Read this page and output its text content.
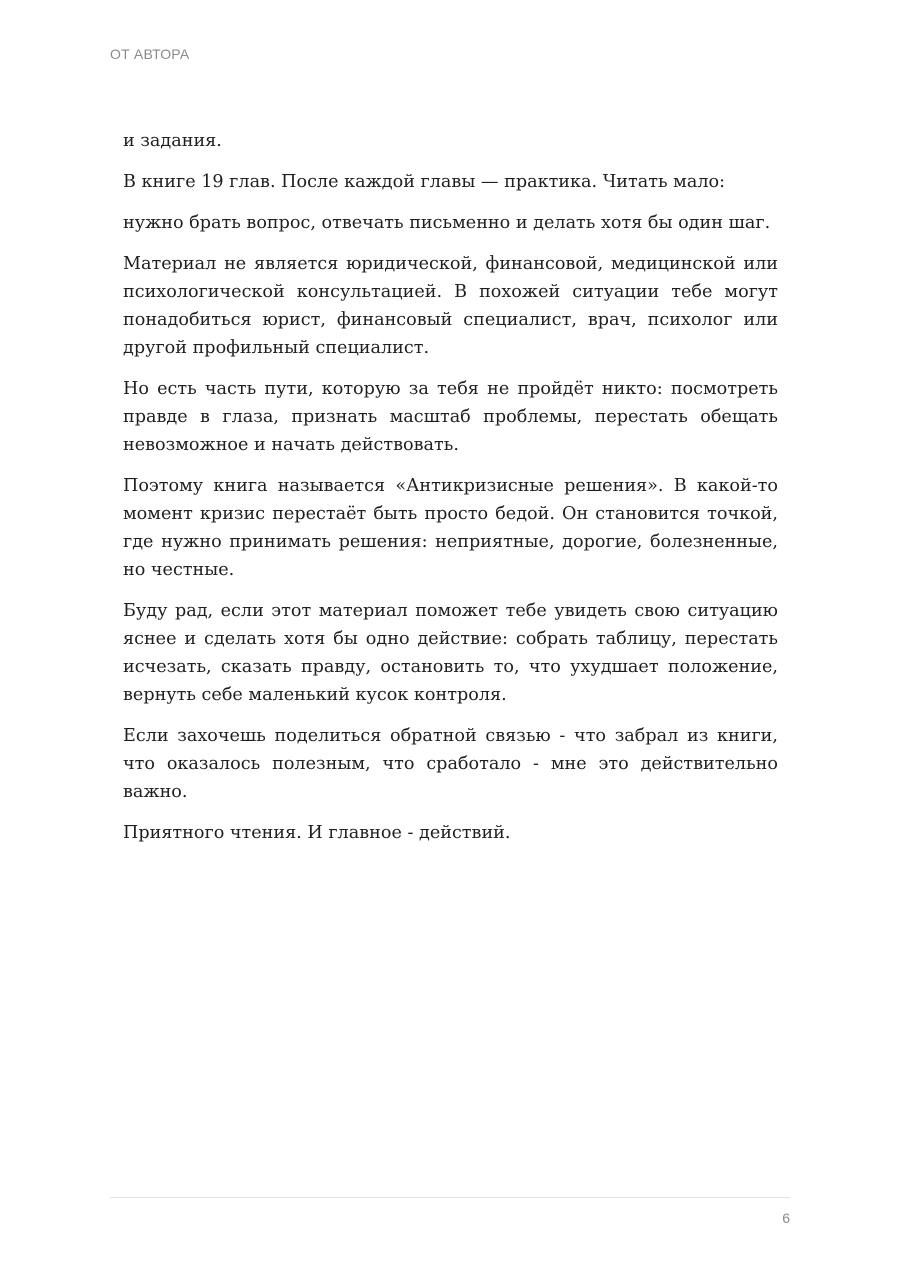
ОТ АВТОРА

и задания.

В книге 19 глав. После каждой главы — практика. Читать мало:

нужно брать вопрос, отвечать письменно и делать хотя бы один шаг.

Материал не является юридической, финансовой, медицинской или психологической консультацией. В похожей ситуации тебе могут понадобиться юрист, финансовый специалист, врач, психолог или другой профильный специалист.

Но есть часть пути, которую за тебя не пройдёт никто: посмотреть правде в глаза, признать масштаб проблемы, перестать обещать невозможное и начать действовать.

Поэтому книга называется «Антикризисные решения». В какой-то момент кризис перестаёт быть просто бедой. Он становится точкой, где нужно принимать решения: неприятные, дорогие, болезненные, но честные.

Буду рад, если этот материал поможет тебе увидеть свою ситуацию яснее и сделать хотя бы одно действие: собрать таблицу, перестать исчезать, сказать правду, остановить то, что ухудшает положение, вернуть себе маленький кусок контроля.

Если захочешь поделиться обратной связью - что забрал из книги, что оказалось полезным, что сработало - мне это действительно важно.

Приятного чтения. И главное - действий.

6
